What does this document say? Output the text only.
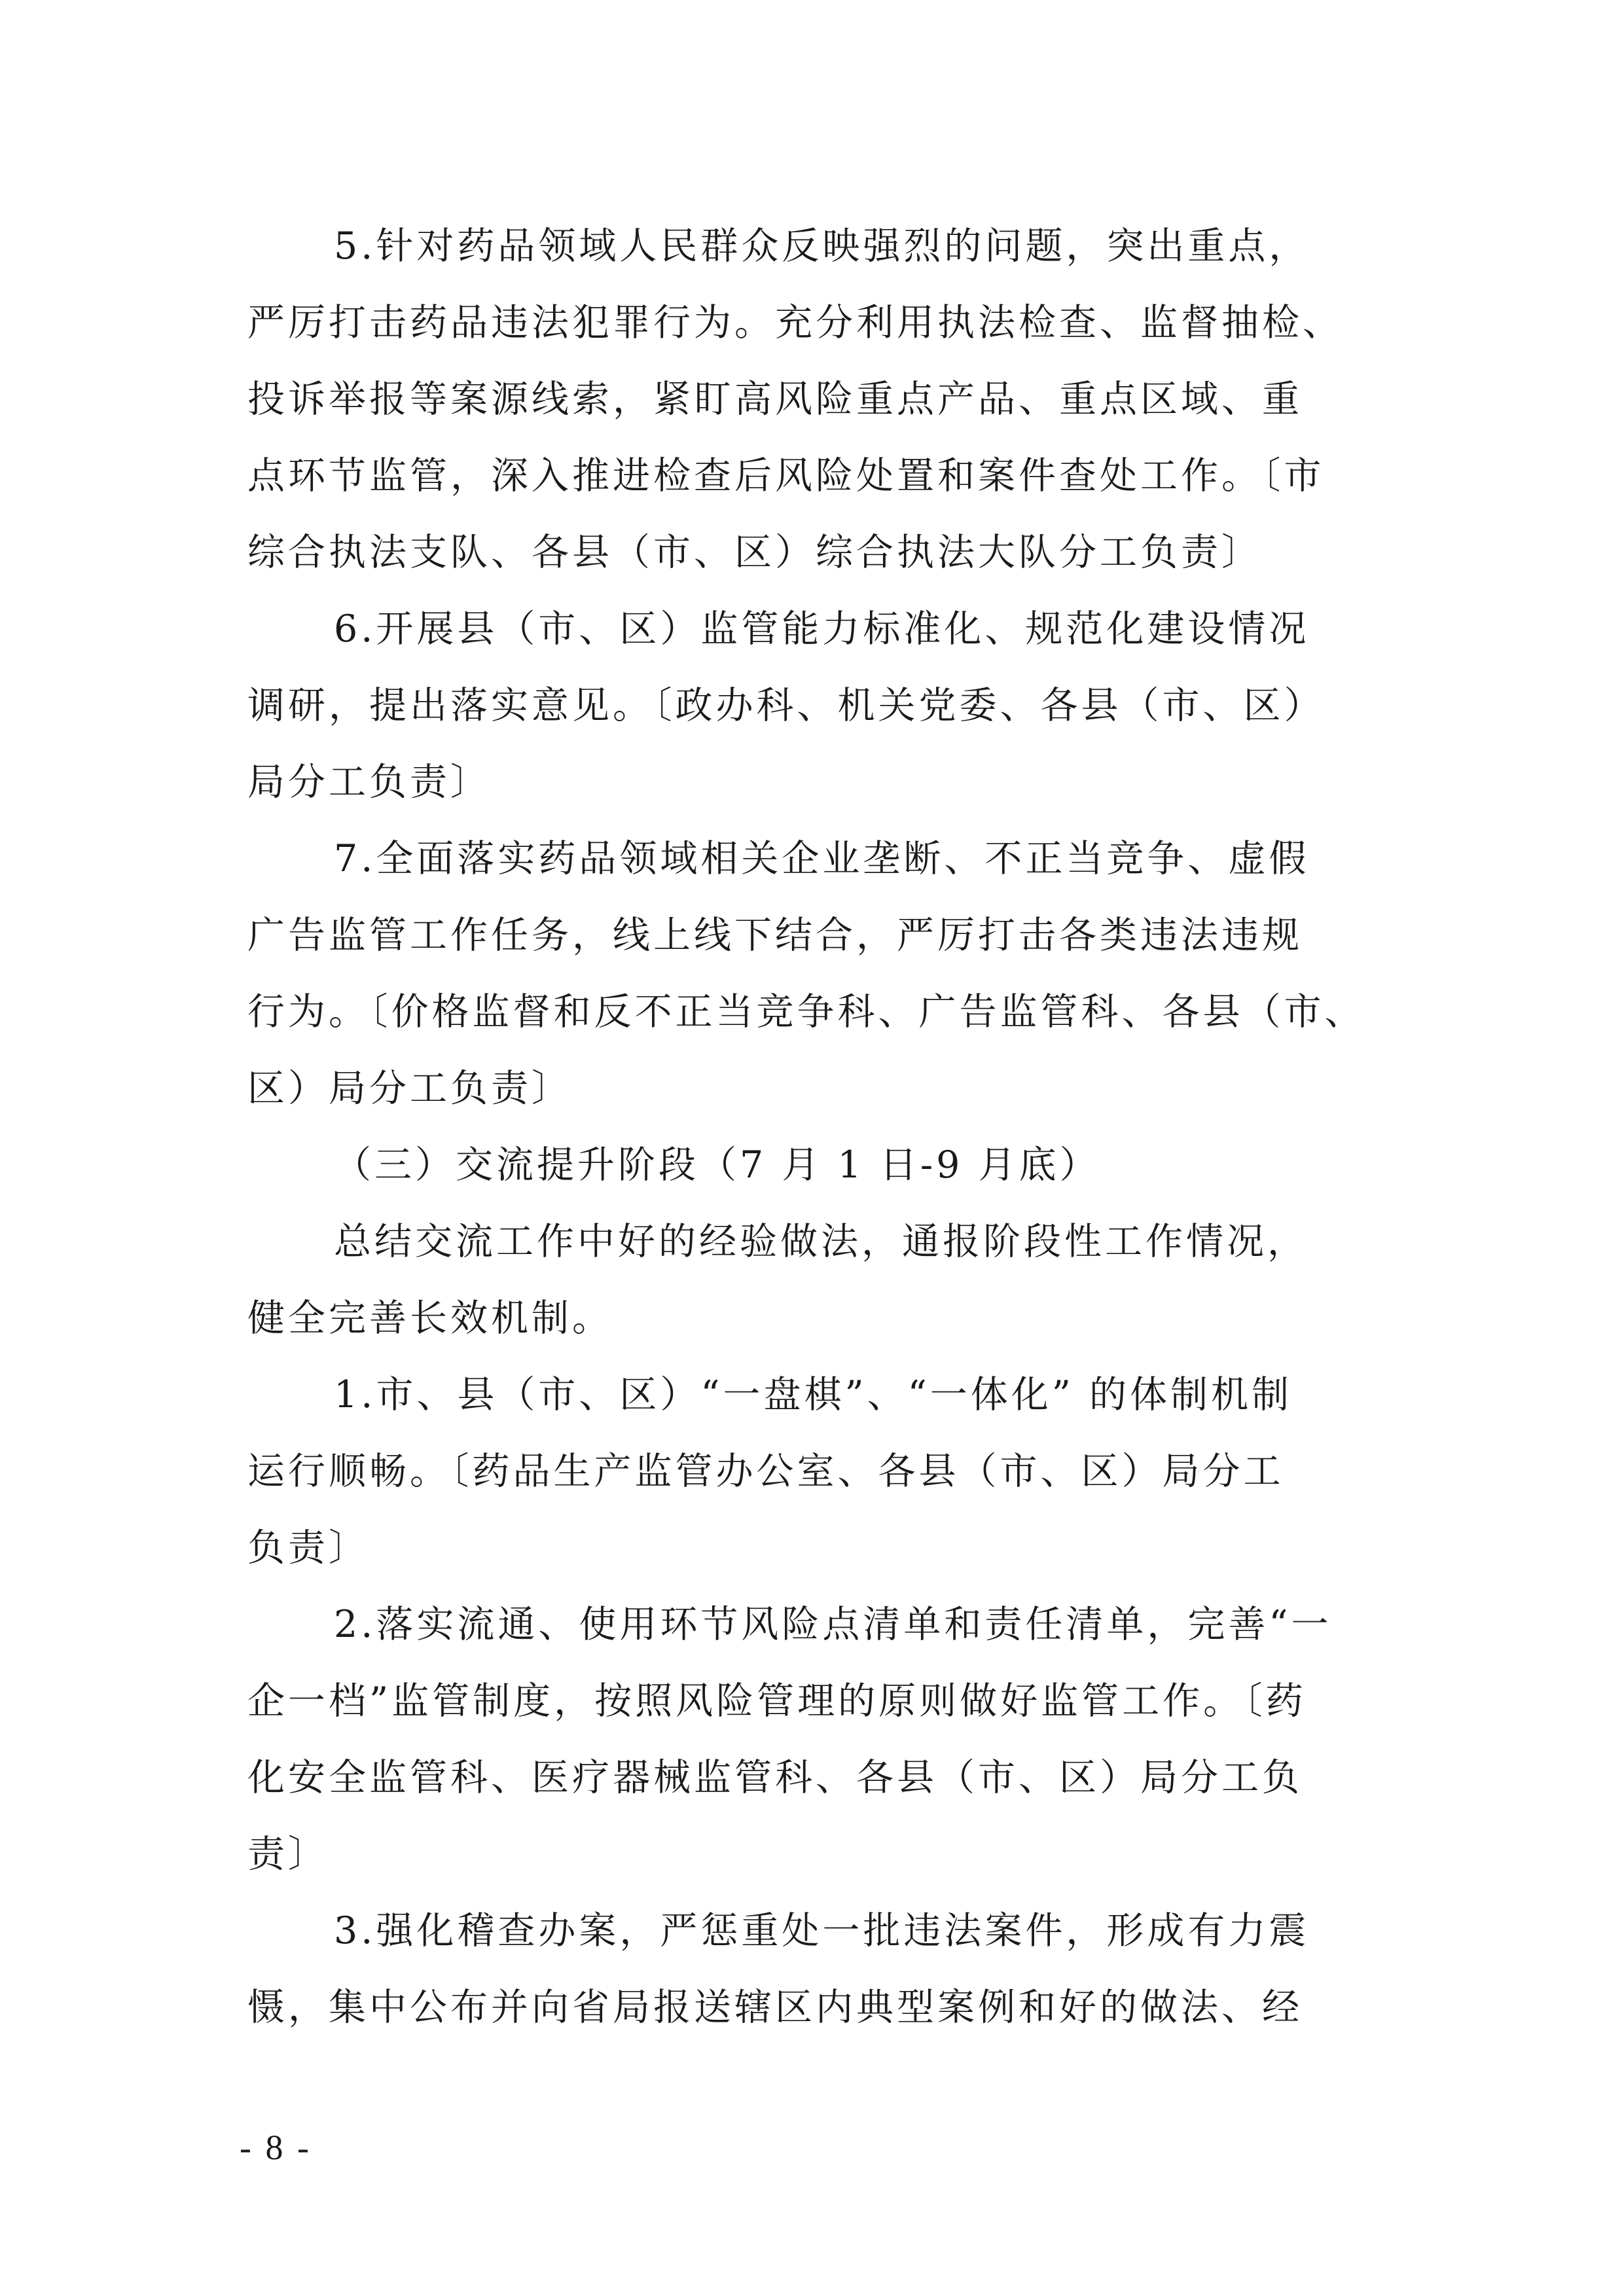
5.针对药品领域人民群众反映强烈的问题，突出重点，
严厉打击药品违法犯罪行为。充分利用执法检查、监督抽检、
投诉举报等案源线索，紧盯高风险重点产品、重点区域、重
点环节监管，深入推进检查后风险处置和案件查处工作。〔市
综合执法支队、各县（市、区）综合执法大队分工负责〕

6.开展县（市、区）监管能力标准化、规范化建设情况
调研，提出落实意见。〔政办科、机关党委、各县（市、区）
局分工负责〕

7.全面落实药品领域相关企业垄断、不正当竞争、虚假
广告监管工作任务，线上线下结合，严厉打击各类违法违规
行为。〔价格监督和反不正当竞争科、广告监管科、各县（市、
区）局分工负责〕

（三）交流提升阶段（7 月 1 日-9 月底）

总结交流工作中好的经验做法，通报阶段性工作情况，
健全完善长效机制。

1.市、县（市、区）“一盘棋”、“一体化” 的体制机制
运行顺畅。〔药品生产监管办公室、各县（市、区）局分工
负责〕

2.落实流通、使用环节风险点清单和责任清单，完善“一
企一档”监管制度，按照风险管理的原则做好监管工作。〔药
化安全监管科、医疗器械监管科、各县（市、区）局分工负
责〕

3.强化稽查办案，严惩重处一批违法案件，形成有力震
慑，集中公布并向省局报送辖区内典型案例和好的做法、经

- 8 -
